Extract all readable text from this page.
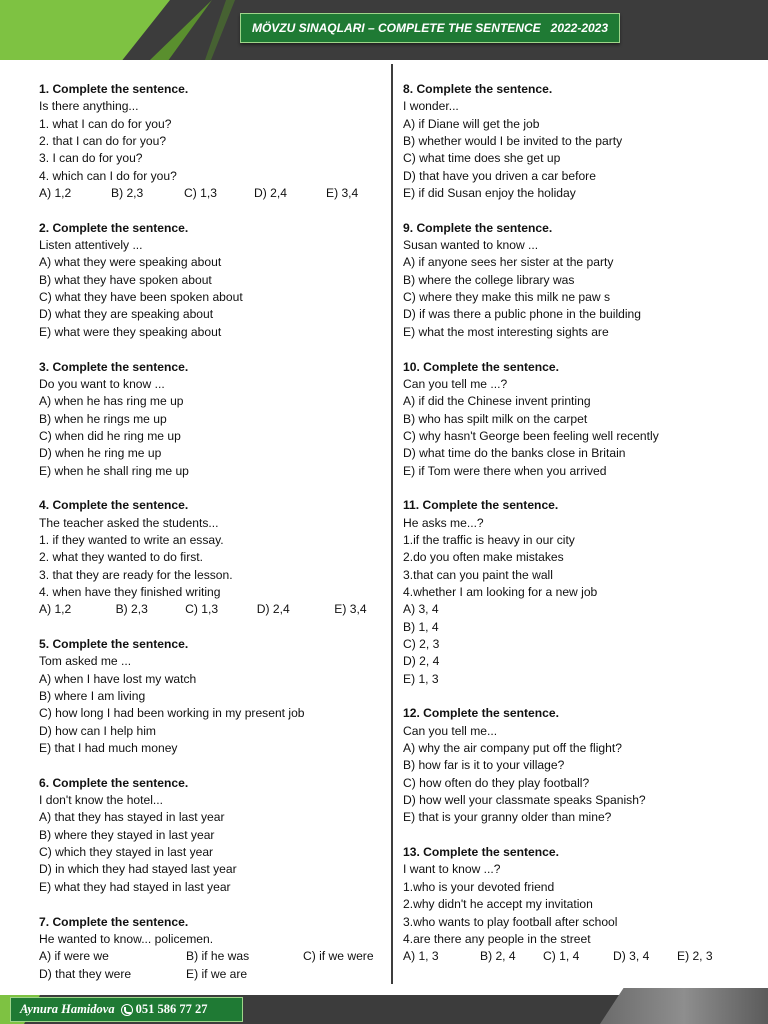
MÖVZU SINAQLARI – COMPLETE THE SENTENCE   2022-2023
1. Complete the sentence.
Is there anything...
1. what I can do for you?
2. that I can do for you?
3. I can do for you?
4. which can I do for you?
A) 1,2	B) 2,3	C) 1,3	D) 2,4	E) 3,4
2. Complete the sentence.
Listen attentively ...
A) what they were speaking about
B) what they have spoken about
C) what they have been spoken about
D) what they are speaking about
E) what were they speaking about
3. Complete the sentence.
Do you want to know ...
A) when he has ring me up
B) when he rings me up
C) when did he ring me up
D) when he ring me up
E) when he shall ring me up
4. Complete the sentence.
The teacher asked the students...
1. if they wanted to write an essay.
2. what they wanted to do first.
3. that they are ready for the lesson.
4. when have they finished writing
A) 1,2	B) 2,3	C) 1,3	D) 2,4	E) 3,4
5. Complete the sentence.
Tom asked me ...
A) when I have lost my watch
B) where I am living
C) how long I had been working in my present job
D) how can I help him
E) that I had much money
6. Complete the sentence.
I don't know the hotel...
A) that they has stayed in last year
B) where they stayed in last year
C) which they stayed in last year
D) in which they had stayed last year
E) what they had stayed in last year
7. Complete the sentence.
He wanted to know... policemen.
A) if were we	B) if he was	C) if we were
D) that they were	E) if we are
8. Complete the sentence.
I wonder...
A) if Diane will get the job
B) whether would I be invited to the party
C) what time does she get up
D) that have you driven a car before
E) if did Susan enjoy the holiday
9. Complete the sentence.
Susan wanted to know ...
A) if anyone sees her sister at the party
B) where the college library was
C) where they make this milk ne paw s
D) if was there a public phone in the building
E) what the most interesting sights are
10. Complete the sentence.
Can you tell me ...?
A) if did the Chinese invent printing
B) who has spilt milk on the carpet
C) why hasn't George been feeling well recently
D) what time do the banks close in Britain
E) if Tom were there when you arrived
11. Complete the sentence.
He asks me...?
1.if the traffic is heavy in our city
2.do you often make mistakes
3.that can you paint the wall
4.whether I am looking for a new job
A) 3, 4
B) 1, 4
C) 2, 3
D) 2, 4
E) 1, 3
12. Complete the sentence.
Can you tell me...
A) why the air company put off the flight?
B) how far is it to your village?
C) how often do they play football?
D) how well your classmate speaks Spanish?
E) that is your granny older than mine?
13. Complete the sentence.
I want to know ...?
1.who is your devoted friend
2.why didn't he accept my invitation
3.who wants to play football after school
4.are there any people in the street
A) 1, 3	B) 2, 4	C) 1, 4	D) 3, 4	E) 2, 3
Aynura Hamidova 051 586 77 27
